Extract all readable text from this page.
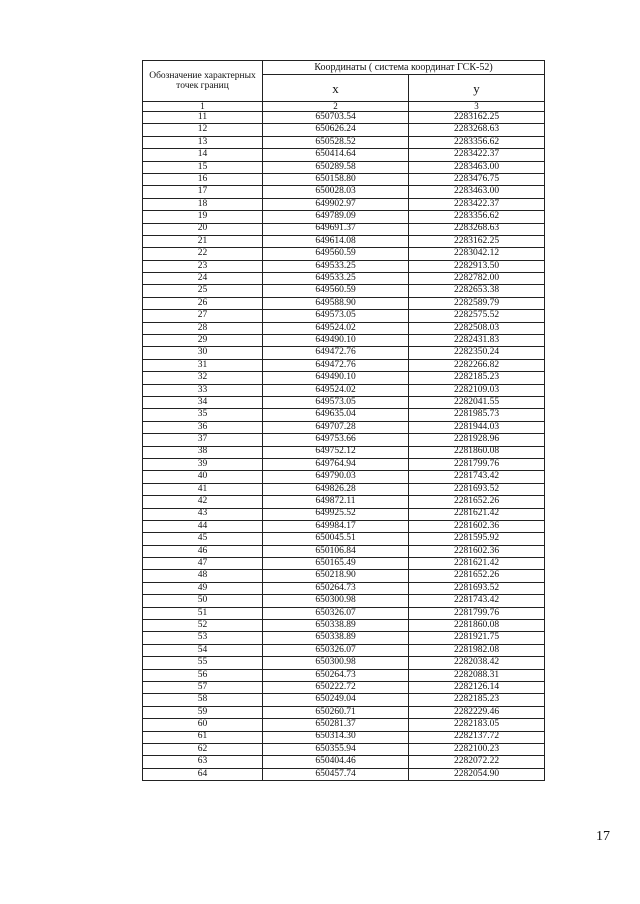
Обозначение характерных точек границ	Координаты ( система координат ГСК-52)	
	x	y
1	2	3
11	650703.54	2283162.25
12	650626.24	2283268.63
13	650528.52	2283356.62
14	650414.64	2283422.37
15	650289.58	2283463.00
16	650158.80	2283476.75
17	650028.03	2283463.00
18	649902.97	2283422.37
19	649789.09	2283356.62
20	649691.37	2283268.63
21	649614.08	2283162.25
22	649560.59	2283042.12
23	649533.25	2282913.50
24	649533.25	2282782.00
25	649560.59	2282653.38
26	649588.90	2282589.79
27	649573.05	2282575.52
28	649524.02	2282508.03
29	649490.10	2282431.83
30	649472.76	2282350.24
31	649472.76	2282266.82
32	649490.10	2282185.23
33	649524.02	2282109.03
34	649573.05	2282041.55
35	649635.04	2281985.73
36	649707.28	2281944.03
37	649753.66	2281928.96
38	649752.12	2281860.08
39	649764.94	2281799.76
40	649790.03	2281743.42
41	649826.28	2281693.52
42	649872.11	2281652.26
43	649925.52	2281621.42
44	649984.17	2281602.36
45	650045.51	2281595.92
46	650106.84	2281602.36
47	650165.49	2281621.42
48	650218.90	2281652.26
49	650264.73	2281693.52
50	650300.98	2281743.42
51	650326.07	2281799.76
52	650338.89	2281860.08
53	650338.89	2281921.75
54	650326.07	2281982.08
55	650300.98	2282038.42
56	650264.73	2282088.31
57	650222.72	2282126.14
58	650249.04	2282185.23
59	650260.71	2282229.46
60	650281.37	2282183.05
61	650314.30	2282137.72
62	650355.94	2282100.23
63	650404.46	2282072.22
64	650457.74	2282054.90
17
